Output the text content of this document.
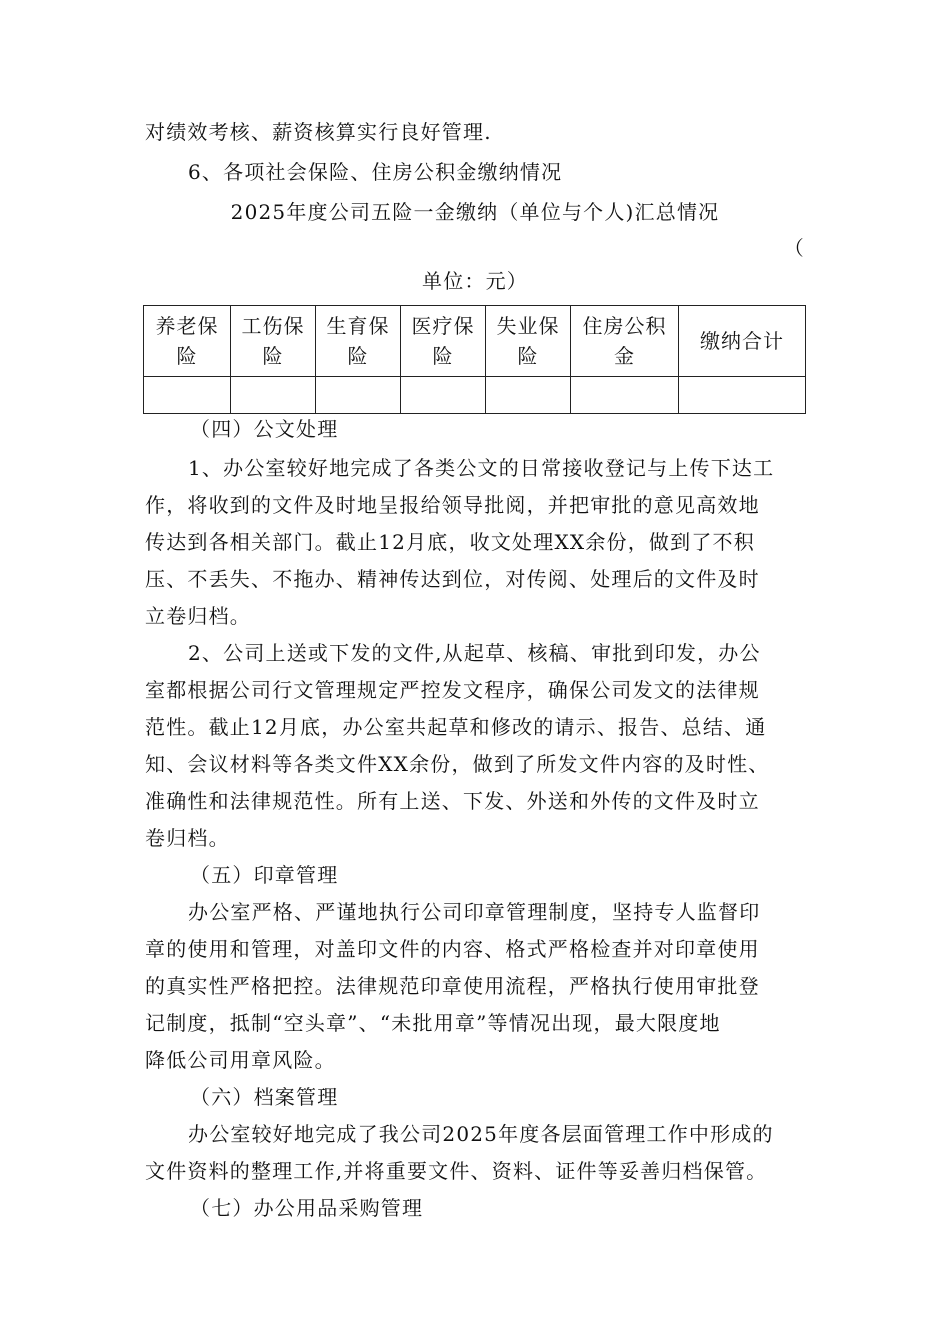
对绩效考核、薪资核算实行良好管理.
6、各项社会保险、住房公积金缴纳情况
2025年度公司五险一金缴纳（单位与个人)汇总情况
（
单位：元）
养老保
险	工伤保
险	生育保
险	医疗保
险	失业保
险	住房公积
金	缴纳合计

（四）公文处理
1、办公室较好地完成了各类公文的日常接收登记与上传下达工
作，将收到的文件及时地呈报给领导批阅，并把审批的意见高效地
传达到各相关部门。截止12月底，收文处理XX余份，做到了不积
压、不丢失、不拖办、精神传达到位，对传阅、处理后的文件及时
立卷归档。
2、公司上送或下发的文件,从起草、核稿、审批到印发，办公
室都根据公司行文管理规定严控发文程序，确保公司发文的法律规
范性。截止12月底，办公室共起草和修改的请示、报告、总结、通
知、会议材料等各类文件XX余份，做到了所发文件内容的及时性、
准确性和法律规范性。所有上送、下发、外送和外传的文件及时立
卷归档。
（五）印章管理
办公室严格、严谨地执行公司印章管理制度，坚持专人监督印
章的使用和管理，对盖印文件的内容、格式严格检查并对印章使用
的真实性严格把控。法律规范印章使用流程，严格执行使用审批登
记制度，抵制“空头章”、“未批用章”等情况出现，最大限度地
降低公司用章风险。
（六）档案管理
办公室较好地完成了我公司2025年度各层面管理工作中形成的
文件资料的整理工作,并将重要文件、资料、证件等妥善归档保管。
（七）办公用品采购管理
